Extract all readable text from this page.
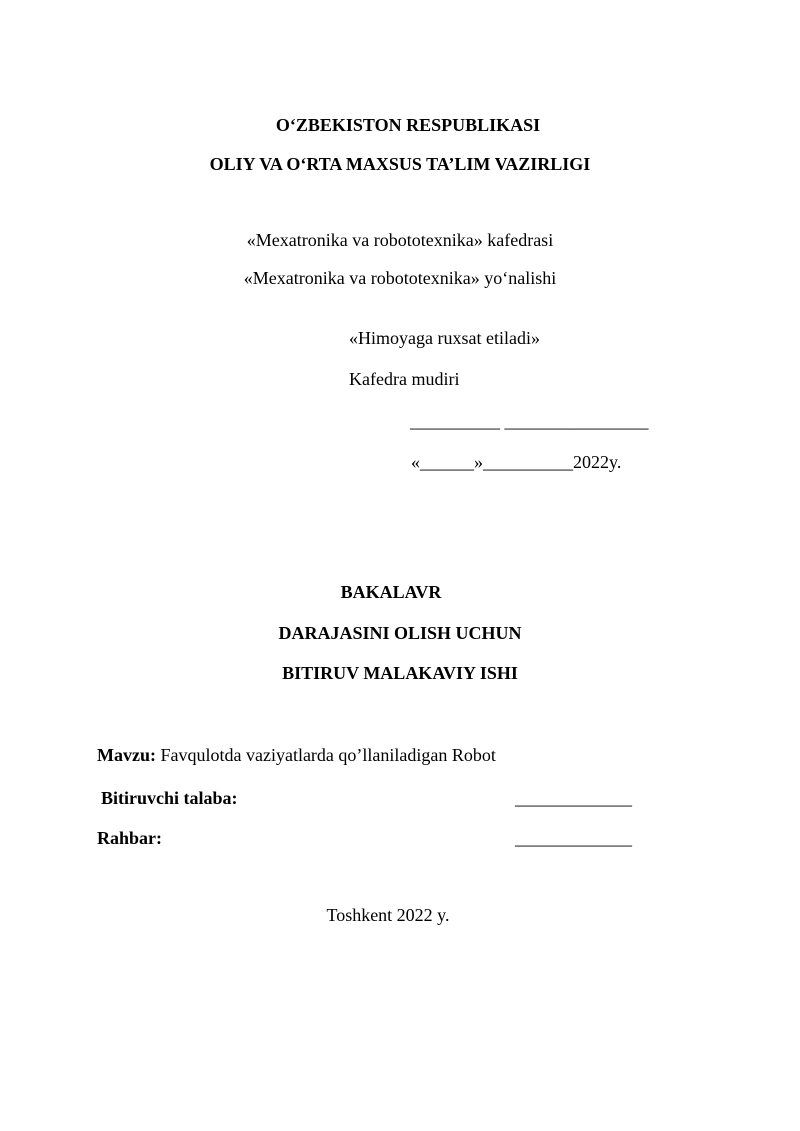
O‘ZBEKISTON RESPUBLIKASI
OLIY VA O‘RTA MAXSUS TA’LIM VAZIRLIGI
«Mexatronika va robototexnika» kafedrasi
«Mexatronika va robototexnika» yo‘nalishi
«Himoyaga ruxsat etiladi»
Kafedra mudiri
__________ ________________
«______»__________2022y.
BAKALAVR
DARAJASINI OLISH UCHUN
BITIRUV MALAKAVIY ISHI
Mavzu: Favqulotda vaziyatlarda qo’llaniladigan Robot
Bitiruvchi talaba:	_____________
Rahbar:	_____________
Toshkent 2022 y.
